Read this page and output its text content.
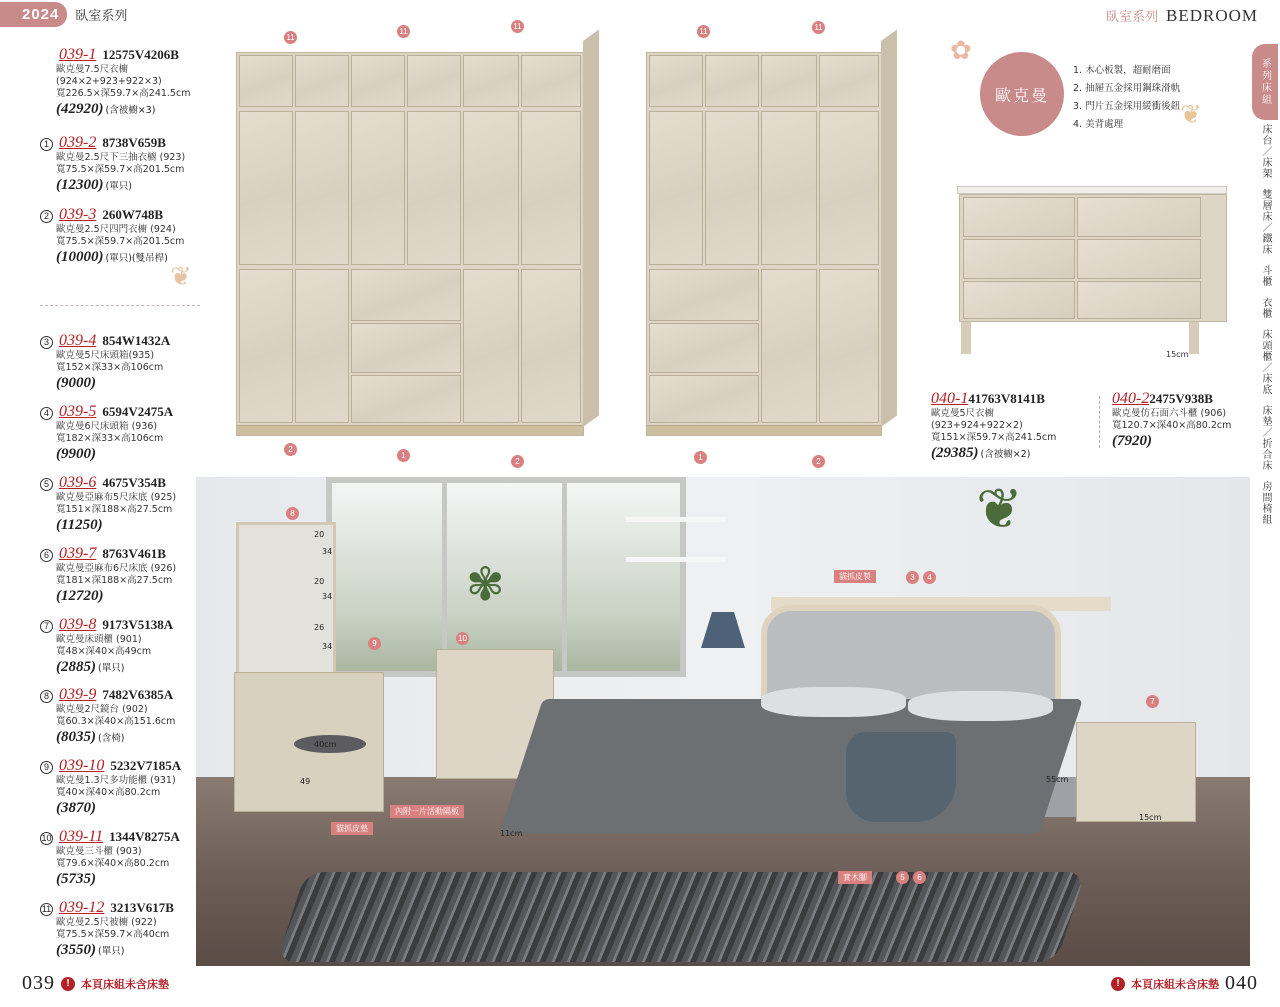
2024	臥室系列	臥室系列 BEDROOM
039-1 12575V4206B
歐克曼7.5尺衣櫥
(924×2+923+922×3)
寬226.5×深59.7×高241.5cm
(42920) (含被櫥×3)
1 039-2 8738V659B
歐克曼2.5尺下三抽衣櫥 (923)
寬75.5×深59.7×高201.5cm
(12300) (單只)
2 039-3 260W748B
歐克曼2.5尺四門衣櫥 (924)
寬75.5×深59.7×高201.5cm
(10000) (單只)(雙吊桿)
3 039-4 854W1432A
歐克曼5尺床頭箱(935)
寬152×深33×高106cm
(9000)
4 039-5 6594V2475A
歐克曼6尺床頭箱 (936)
寬182×深33×高106cm
(9900)
5 039-6 4675V354B
歐克曼亞麻布5尺床底 (925)
寬151×深188×高27.5cm
(11250)
6 039-7 8763V461B
歐克曼亞麻布6尺床底 (926)
寬181×深188×高27.5cm
(12720)
7 039-8 9173V5138A
歐克曼床頭櫃 (901)
寬48×深40×高49cm
(2885) (單只)
8 039-9 7482V6385A
歐克曼2尺鏡台 (902)
寬60.3×深40×高151.6cm
(8035) (含椅)
9 039-10 5232V7185A
歐克曼1.3尺多功能櫃 (931)
寬40×深40×高80.2cm
(3870)
10 039-11 1344V8275A
歐克曼三斗櫃 (903)
寬79.6×深40×高80.2cm
(5735)
11 039-12 3213V617B
歐克曼2.5尺被櫥 (922)
寬75.5×深59.7×高40cm
(3550) (單只)
❦
11
11
11
2
1
2
11	11
1	2
✿
歐克曼
❦
1. 木心板製，超耐磨面
2. 抽屜五金採用鋼珠滑軌
3. 門片五金採用緩衝後鈕
4. 美背處理
15cm
040-141763V8141B
歐克曼5尺衣櫥
(923+924+922×2)
寬151×深59.7×高241.5cm
(29385) (含被櫥×2)
040-22475V938B
歐克曼仿石面六斗櫃 (906)
寬120.7×深40×高80.2cm
(7920)
❦
✾	貓抓皮製
貓抓皮墊
內附一片活動隔板
實木腳
3	4
5	6
7
8
9
10
40cm
49
11cm
55cm
15cm
20
34
20
34
26
34
系列床組
床台／床架
雙層床／鐵床
斗櫃
衣櫃
床頭櫃／床底
床墊／折合床
房間椅組
039	!	本頁床組未含床墊	!	本頁床組未含床墊 040
